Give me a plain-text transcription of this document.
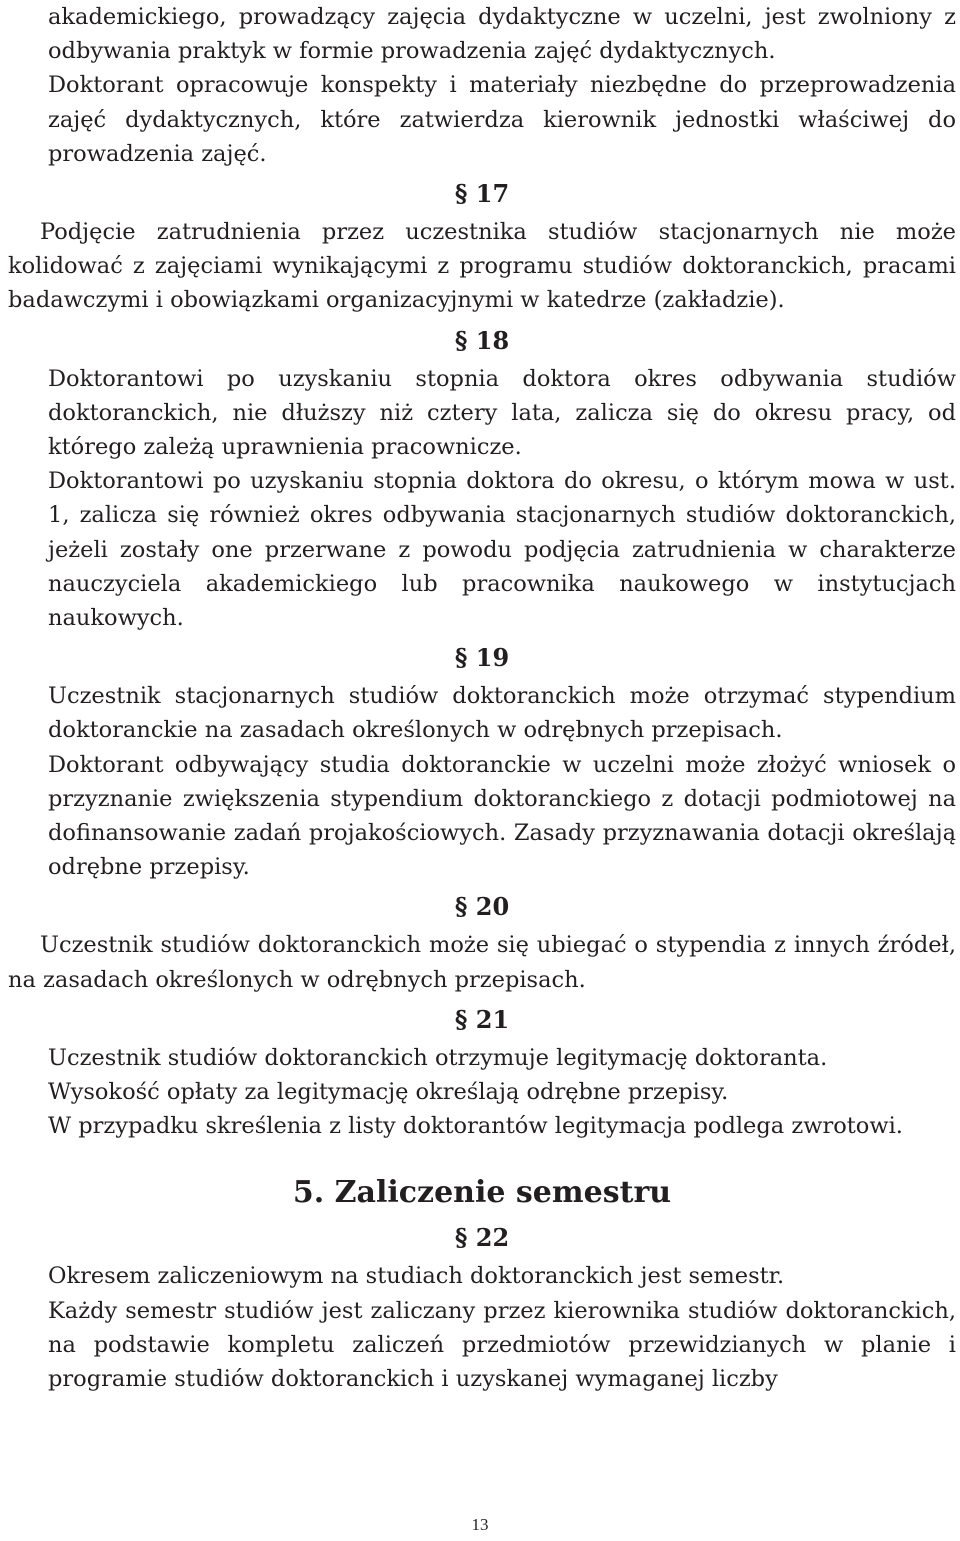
akademickiego, prowadzący zajęcia dydaktyczne w uczelni, jest zwolniony z odbywania praktyk w formie prowadzenia zajęć dydaktycznych.

Doktorant opracowuje konspekty i materiały niezbędne do przeprowadzenia zajęć dydaktycznych, które zatwierdza kierownik jednostki właściwej do prowadzenia zajęć.

§ 17

Podjęcie zatrudnienia przez uczestnika studiów stacjonarnych nie może kolidować z zajęciami wynikającymi z programu studiów doktoranckich, pracami badawczymi i obowiązkami organizacyjnymi w katedrze (zakładzie).

§ 18

Doktorantowi po uzyskaniu stopnia doktora okres odbywania studiów doktoranckich, nie dłuższy niż cztery lata, zalicza się do okresu pracy, od którego zależą uprawnienia pracownicze.

Doktorantowi po uzyskaniu stopnia doktora do okresu, o którym mowa w ust. 1, zalicza się również okres odbywania stacjonarnych studiów doktoranckich, jeżeli zostały one przerwane z powodu podjęcia zatrudnienia w charakterze nauczyciela akademickiego lub pracownika naukowego w instytucjach naukowych.

§ 19

Uczestnik stacjonarnych studiów doktoranckich może otrzymać stypendium doktoranckie na zasadach określonych w odrębnych przepisach.

Doktorant odbywający studia doktoranckie w uczelni może złożyć wniosek o przyznanie zwiększenia stypendium doktoranckiego z dotacji podmiotowej na dofinansowanie zadań projakościowych. Zasady przyznawania dotacji określają odrębne przepisy.

§ 20

Uczestnik studiów doktoranckich może się ubiegać o stypendia z innych źródeł, na zasadach określonych w odrębnych przepisach.

§ 21

Uczestnik studiów doktoranckich otrzymuje legitymację doktoranta.

Wysokość opłaty za legitymację określają odrębne przepisy.

W przypadku skreślenia z listy doktorantów legitymacja podlega zwrotowi.

5. Zaliczenie semestru
§ 22

Okresem zaliczeniowym na studiach doktoranckich jest semestr.

Każdy semestr studiów jest zaliczany przez kierownika studiów doktoranckich, na podstawie kompletu zaliczeń przedmiotów przewidzianych w planie i programie studiów doktoranckich i uzyskanej wymaganej liczby

13
